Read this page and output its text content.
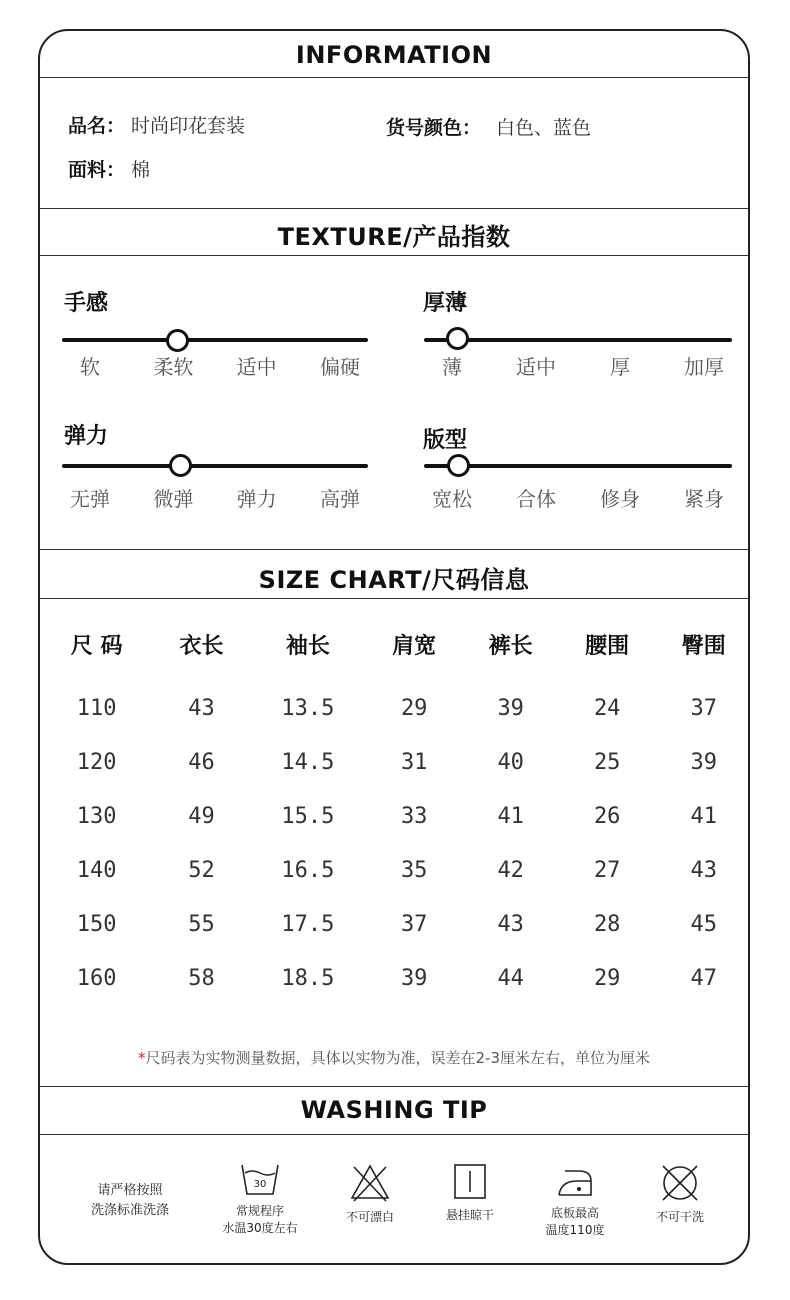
INFORMATION
品名： 时尚印花套装	货号颜色： 白色、蓝色
面料： 棉
TEXTURE/产品指数
手感
软	柔软	适中	偏硬
厚薄
薄	适中	厚	加厚
弹力
无弹	微弹	弹力	高弹
版型
宽松	合体	修身	紧身
SIZE CHART/尺码信息
尺 码	衣长	袖长	肩宽	裤长	腰围	臀围

110	43	13.5	29	39	24	37
120	46	14.5	31	40	25	39
130	49	15.5	33	41	26	41
140	52	16.5	35	42	27	43
150	55	17.5	37	43	28	45
160	58	18.5	39	44	29	47
*尺码表为实物测量数据，具体以实物为准，误差在2-3厘米左右，单位为厘米
WASHING TIP
请严格按照
洗涤标准洗涤
30
常规程序
水温30度左右
不可漂白	悬挂晾干	底板最高
温度110度
不可干洗
